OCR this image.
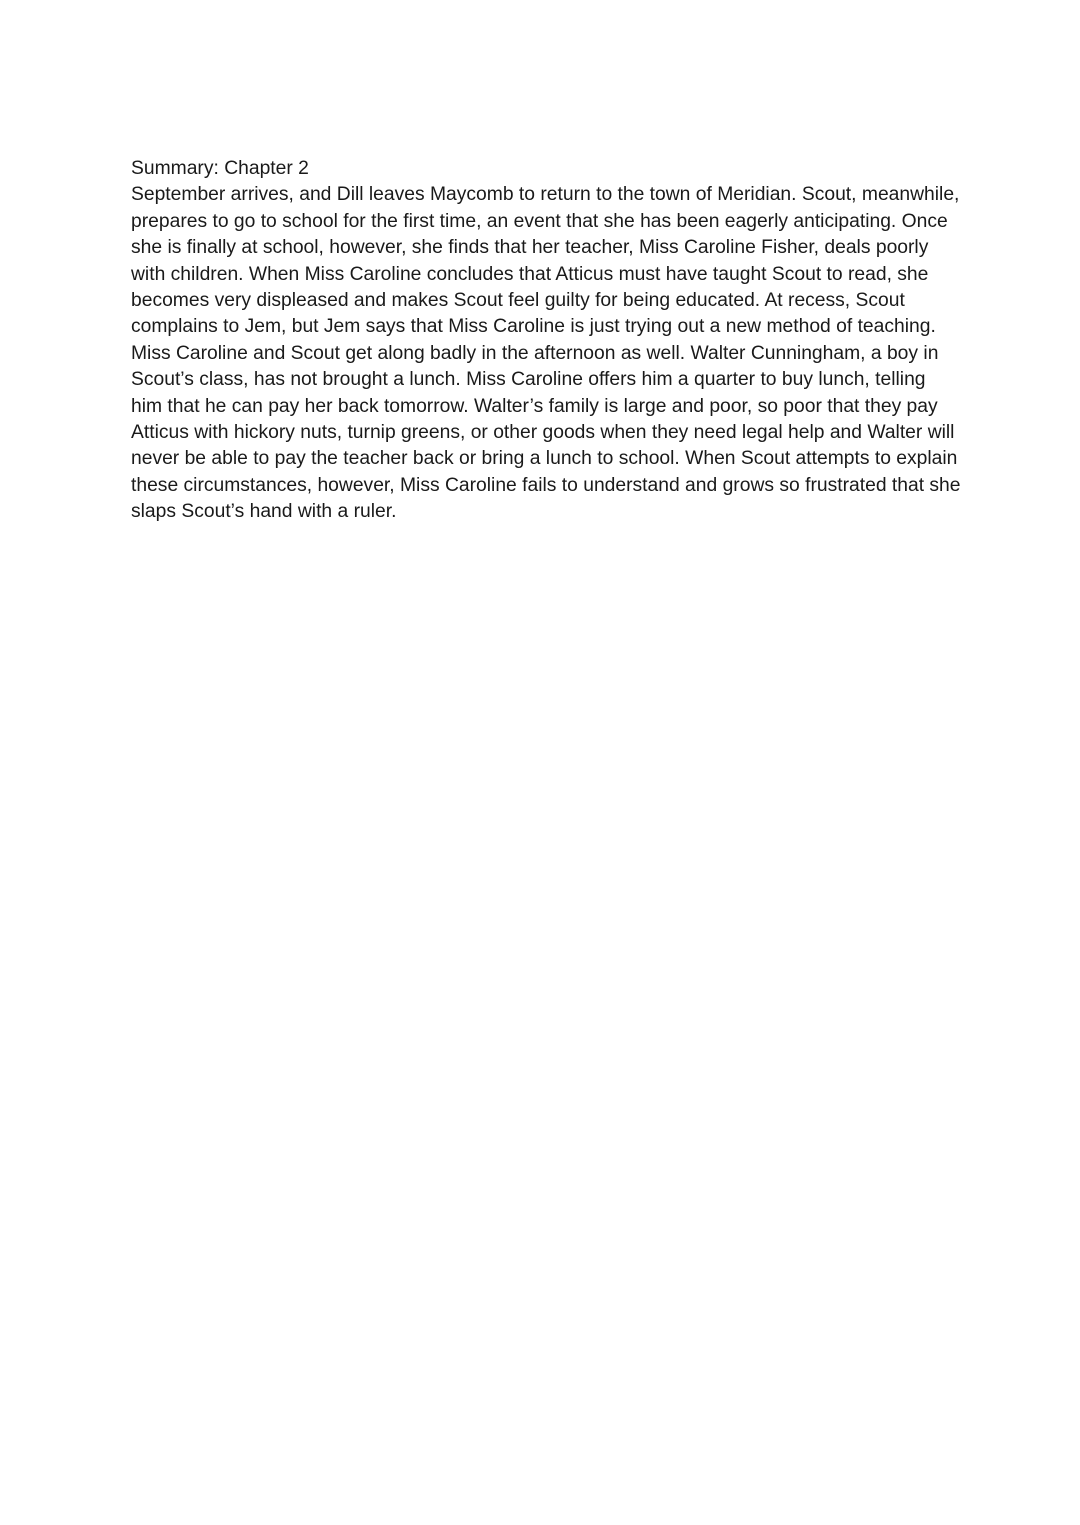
Summary: Chapter 2

September arrives, and Dill leaves Maycomb to return to the town of Meridian. Scout, meanwhile, prepares to go to school for the first time, an event that she has been eagerly anticipating. Once she is finally at school, however, she finds that her teacher, Miss Caroline Fisher, deals poorly with children. When Miss Caroline concludes that Atticus must have taught Scout to read, she becomes very displeased and makes Scout feel guilty for being educated. At recess, Scout complains to Jem, but Jem says that Miss Caroline is just trying out a new method of teaching.

Miss Caroline and Scout get along badly in the afternoon as well. Walter Cunningham, a boy in Scout’s class, has not brought a lunch. Miss Caroline offers him a quarter to buy lunch, telling him that he can pay her back tomorrow. Walter’s family is large and poor, so poor that they pay Atticus with hickory nuts, turnip greens, or other goods when they need legal help and Walter will never be able to pay the teacher back or bring a lunch to school. When Scout attempts to explain these circumstances, however, Miss Caroline fails to understand and grows so frustrated that she slaps Scout’s hand with a ruler.
